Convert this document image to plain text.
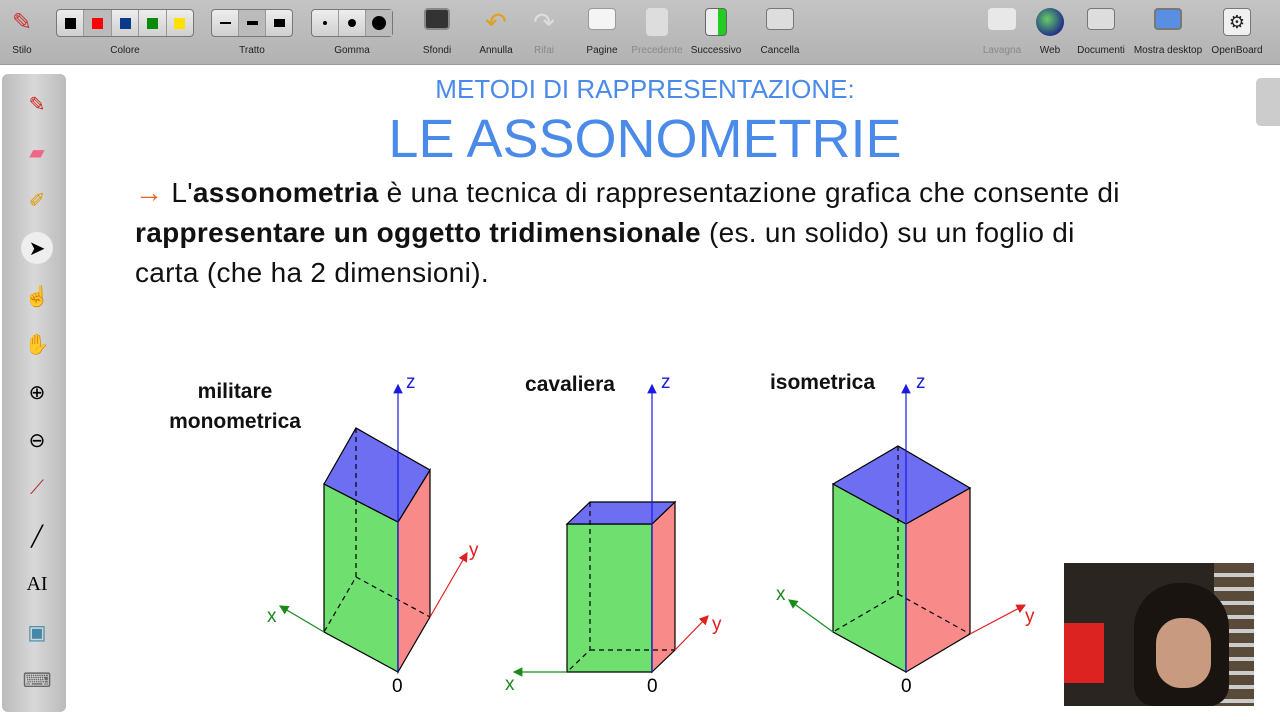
✎
Stilo	Colore	Tratto	Gomma	Sfondi
↶
Annulla
↷
Rifai	Pagine	Precedente Successivo Cancella	Lavagna	Web	Documenti Mostra desktop
⚙
OpenBoard
✎
▰
✐
➤
☝
✋
⊕
⊖
⟋
╱
AI
▣
⌨
METODI DI RAPPRESENTAZIONE:
LE ASSONOMETRIE
→ L'assonometria è una tecnica di rappresentazione grafica che consente di rappresentare un oggetto tridimensionale (es. un solido) su un foglio di carta (che ha 2 dimensioni).
militare monometrica
cavaliera	isometrica
z
x
y
0
z
x
y
0
z
x
y
0
